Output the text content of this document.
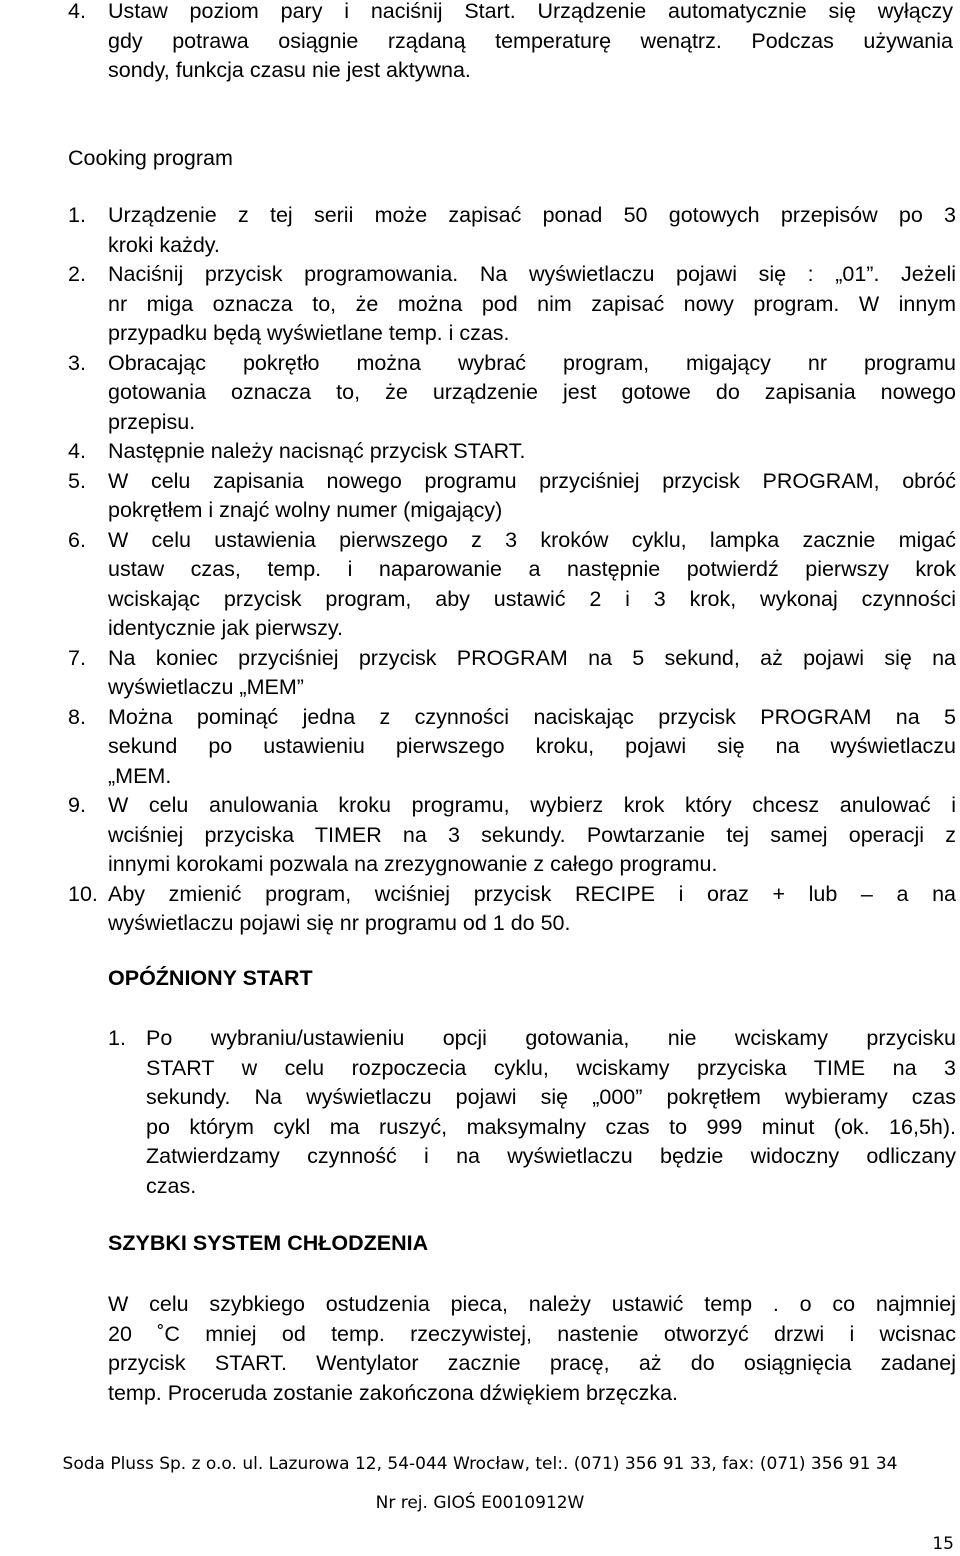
4. Ustaw poziom pary i naciśnij Start. Urządzenie automatycznie się wyłączy
gdy potrawa osiągnie rządaną temperaturę wenątrz. Podczas używania
sondy, funkcja czasu nie jest aktywna.
Cooking program
1. Urządzenie z tej serii może zapisać ponad 50 gotowych przepisów po 3
kroki każdy.
2. Naciśnij przycisk programowania. Na wyświetlaczu pojawi się : „01”. Jeżeli
nr miga oznacza to, że można pod nim zapisać nowy program. W innym
przypadku będą wyświetlane temp. i czas.
3. Obracając pokrętło można wybrać program, migający nr programu
gotowania oznacza to, że urządzenie jest gotowe do zapisania nowego
przepisu.
4. Następnie należy nacisnąć przycisk START.
5. W celu zapisania nowego programu przyciśniej przycisk PROGRAM, obróć
pokrętłem i znajć wolny numer (migający)
6. W celu ustawienia pierwszego z 3 kroków cyklu, lampka zacznie migać
ustaw czas, temp. i naparowanie a następnie potwierdź pierwszy krok
wciskając przycisk program, aby ustawić 2 i 3 krok, wykonaj czynności
identycznie jak pierwszy.
7. Na koniec przyciśniej przycisk PROGRAM na 5 sekund, aż pojawi się na
wyświetlaczu „MEM”
8. Można pominąć jedna z czynności naciskając przycisk PROGRAM na 5
sekund po ustawieniu pierwszego kroku, pojawi się na wyświetlaczu
„MEM.
9. W celu anulowania kroku programu, wybierz krok który chcesz anulować i
wciśniej przyciska TIMER na 3 sekundy. Powtarzanie tej samej operacji z
innymi korokami pozwala na zrezygnowanie z całego programu.
10. Aby zmienić program, wciśniej przycisk RECIPE i oraz + lub – a na
wyświetlaczu pojawi się nr programu od 1 do 50.
OPÓŹNIONY START
1. Po wybraniu/ustawieniu opcji gotowania, nie wciskamy przycisku
START w celu rozpoczecia cyklu, wciskamy przyciska TIME na 3
sekundy. Na wyświetlaczu pojawi się „000” pokrętłem wybieramy czas
po którym cykl ma ruszyć, maksymalny czas to 999 minut (ok. 16,5h).
Zatwierdzamy czynność i na wyświetlaczu będzie widoczny odliczany
czas.
SZYBKI SYSTEM CHŁODZENIA
W celu szybkiego ostudzenia pieca, należy ustawić temp . o co najmniej
20 ˚C mniej od temp. rzeczywistej, nastenie otworzyć drzwi i wcisnac
przycisk START. Wentylator zacznie pracę, aż do osiągnięcia zadanej
temp. Proceruda zostanie zakończona dźwiękiem brzęczka.
Soda Pluss Sp. z o.o. ul. Lazurowa 12, 54-044 Wrocław, tel:. (071) 356 91 33, fax: (071) 356 91 34
Nr rej. GIOŚ E0010912W
15
